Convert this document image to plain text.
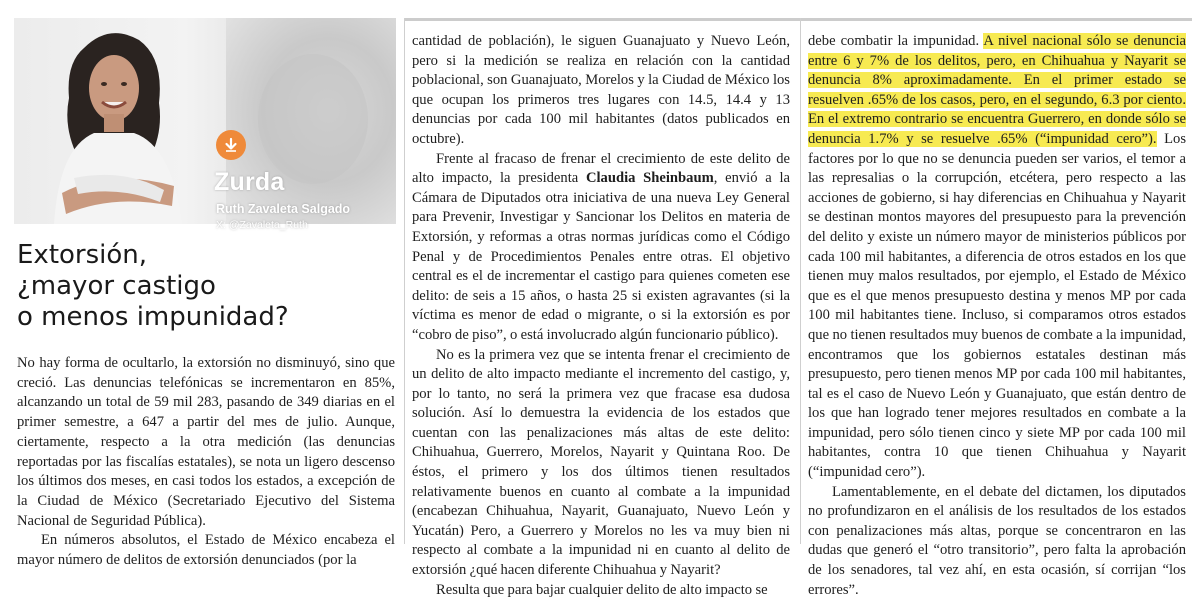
Zurda
Ruth Zavaleta Salgado
X: @Zavaleta_Ruth
Extorsión,
¿mayor castigo
o menos impunidad?

No hay forma de ocultarlo, la extorsión no disminuyó, sino que creció. Las denuncias telefónicas se incrementaron en 85%, alcanzando un total de 59 mil 283, pasando de 349 diarias en el primer semestre, a 647 a partir del mes de julio. Aunque, ciertamente, respecto a la otra medición (las denuncias reportadas por las fiscalías estatales), se nota un ligero descenso los últimos dos meses, en casi todos los estados, a excepción de la Ciudad de México (Secretariado Ejecutivo del Sistema Nacional de Seguridad Pública).

En números absolutos, el Estado de México encabeza el mayor número de delitos de extorsión denunciados (por la

cantidad de población), le siguen Guanajuato y Nuevo León, pero si la medición se realiza en relación con la cantidad poblacional, son Guanajuato, Morelos y la Ciudad de México los que ocupan los primeros tres lugares con 14.5, 14.4 y 13 denuncias por cada 100 mil habitantes (datos publicados en octubre).

Frente al fracaso de frenar el crecimiento de este delito de alto impacto, la presidenta Claudia Sheinbaum, envió a la Cámara de Diputados otra iniciativa de una nueva Ley General para Prevenir, Investigar y Sancionar los Delitos en materia de Extorsión, y reformas a otras normas jurídicas como el Código Penal y de Procedimientos Penales entre otras. El objetivo central es el de incrementar el castigo para quienes cometen ese delito: de seis a 15 años, o hasta 25 si existen agravantes (si la víctima es menor de edad o migrante, o si la extorsión es por “cobro de piso”, o está involucrado algún funcionario público).

No es la primera vez que se intenta frenar el crecimiento de un delito de alto impacto mediante el incremento del castigo, y, por lo tanto, no será la primera vez que fracase esa dudosa solución. Así lo demuestra la evidencia de los estados que cuentan con las penalizaciones más altas de este delito: Chihuahua, Guerrero, Morelos, Nayarit y Quintana Roo. De éstos, el primero y los dos últimos tienen resultados relativamente buenos en cuanto al combate a la impunidad (encabezan Chihuahua, Nayarit, Guanajuato, Nuevo León y Yucatán) Pero, a Guerrero y Morelos no les va muy bien ni respecto al combate a la impunidad ni en cuanto al delito de extorsión ¿qué hacen diferente Chihuahua y Nayarit?

Resulta que para bajar cualquier delito de alto impacto se

debe combatir la impunidad. A nivel nacional sólo se denuncia entre 6 y 7% de los delitos, pero, en Chihuahua y Nayarit se denuncia 8% aproximadamente. En el primer estado se resuelven .65% de los casos, pero, en el segundo, 6.3 por ciento. En el extremo contrario se encuentra Guerrero, en donde sólo se denuncia 1.7% y se resuelve .65% (“impunidad cero”). Los factores por lo que no se denuncia pueden ser varios, el temor a las represalias o la corrupción, etcétera, pero respecto a las acciones de gobierno, si hay diferencias en Chihuahua y Nayarit se destinan montos mayores del presupuesto para la prevención del delito y existe un número mayor de ministerios públicos por cada 100 mil habitantes, a diferencia de otros estados en los que tienen muy malos resultados, por ejemplo, el Estado de México que es el que menos presupuesto destina y menos MP por cada 100 mil habitantes tiene. Incluso, si comparamos otros estados que no tienen resultados muy buenos de combate a la impunidad, encontramos que los gobiernos estatales destinan más presupuesto, pero tienen menos MP por cada 100 mil habitantes, tal es el caso de Nuevo León y Guanajuato, que están dentro de los que han logrado tener mejores resultados en combate a la impunidad, pero sólo tienen cinco y siete MP por cada 100 mil habitantes, contra 10 que tienen Chihuahua y Nayarit (“impunidad cero”).

Lamentablemente, en el debate del dictamen, los diputados no profundizaron en el análisis de los resultados de los estados con penalizaciones más altas, porque se concentraron en las dudas que generó el “otro transitorio”, pero falta la aprobación de los senadores, tal vez ahí, en esta ocasión, sí corrijan “los errores”.
